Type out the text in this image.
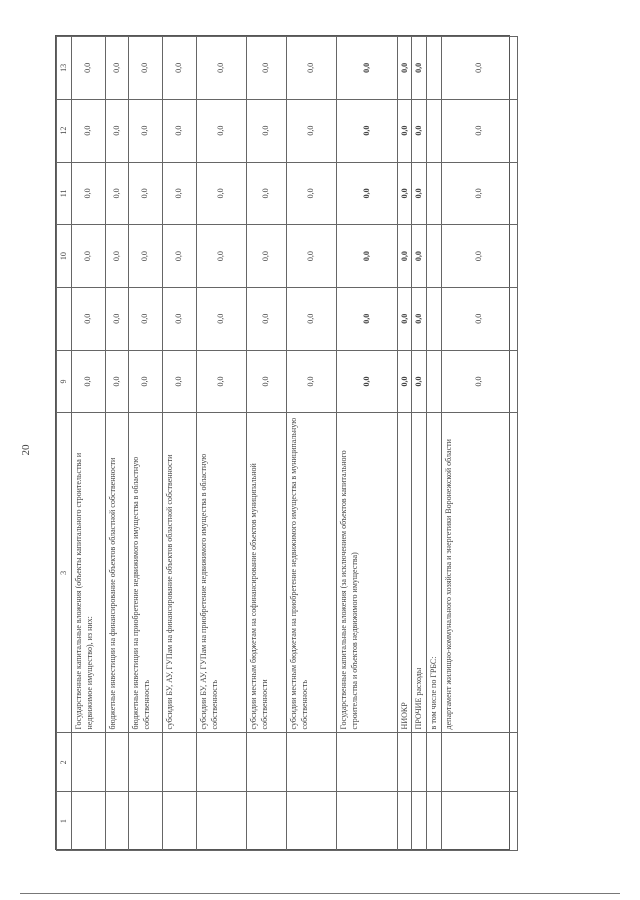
20
1	2	3	9		10	11	12	13
		Государственные капитальные вложения (объекты капитального строительства и недвижимое имущество), из них:	0,0	0,0	0,0	0,0	0,0	0,0
		бюджетные инвестиции на финансирование объектов областной собственности	0,0	0,0	0,0	0,0	0,0	0,0
		бюджетные инвестиции на приобретение недвижимого имущества в областную собственность	0,0	0,0	0,0	0,0	0,0	0,0
		субсидии БУ, АУ, ГУПам на финансирование объектов областной собственности	0,0	0,0	0,0	0,0	0,0	0,0
		субсидии БУ, АУ, ГУПам на приобретение недвижимого имущества в областную собственность	0,0	0,0	0,0	0,0	0,0	0,0
		субсидии местным бюджетам на софинансирование объектов муниципальной собственности	0,0	0,0	0,0	0,0	0,0	0,0
		субсидии местным бюджетам на приобретение недвижимого имущества в муниципальную собственность	0,0	0,0	0,0	0,0	0,0	0,0
		Государственные капитальные вложения (за исключением объектов капитального строительства и объектов недвижимого имущества)	0,0	0,0	0,0	0,0	0,0	0,0
		НИОКР	0,0	0,0	0,0	0,0	0,0	0,0
		ПРОЧИЕ расходы	0,0	0,0	0,0	0,0	0,0	0,0
		в том числе по ГРБС:						
		департамент жилищно-коммунального хозяйства и энергетики Воронежской области	0,0	0,0	0,0	0,0	0,0	0,0
